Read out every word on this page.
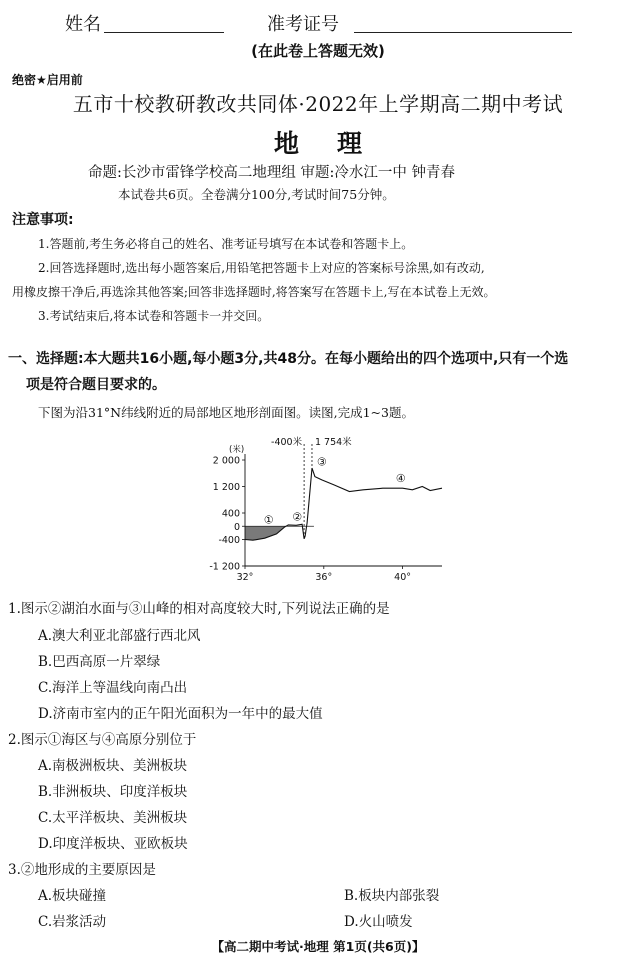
姓名	准考证号
(在此卷上答题无效)
绝密★启用前
五市十校教研教改共同体·2022年上学期高二期中考试
地理
命题:长沙市雷锋学校高二地理组 审题:冷水江一中 钟青春
本试卷共6页。全卷满分100分,考试时间75分钟。
注意事项:
1.答题前,考生务必将自己的姓名、准考证号填写在本试卷和答题卡上。
2.回答选择题时,选出每小题答案后,用铅笔把答题卡上对应的答案标号涂黑,如有改动,
用橡皮擦干净后,再选涂其他答案;回答非选择题时,将答案写在答题卡上,写在本试卷上无效。
3.考试结束后,将本试卷和答题卡一并交回。
一、选择题:本大题共16小题,每小题3分,共48分。在每小题给出的四个选项中,只有一个选
项是符合题目要求的。
下图为沿31°N纬线附近的局部地区地形剖面图。读图,完成1~3题。
2 000
1 200
400
0
-400
-1 200
(米)
32°	36°	40°
-400米 1 754米
① ②
③
④
1.图示②湖泊水面与③山峰的相对高度较大时,下列说法正确的是
A.澳大利亚北部盛行西北风
B.巴西高原一片翠绿
C.海洋上等温线向南凸出
D.济南市室内的正午阳光面积为一年中的最大值
2.图示①海区与④高原分别位于
A.南极洲板块、美洲板块
B.非洲板块、印度洋板块
C.太平洋板块、美洲板块
D.印度洋板块、亚欧板块
3.②地形成的主要原因是
A.板块碰撞	B.板块内部张裂
C.岩浆活动	D.火山喷发
【高二期中考试·地理 第1页(共6页)】
